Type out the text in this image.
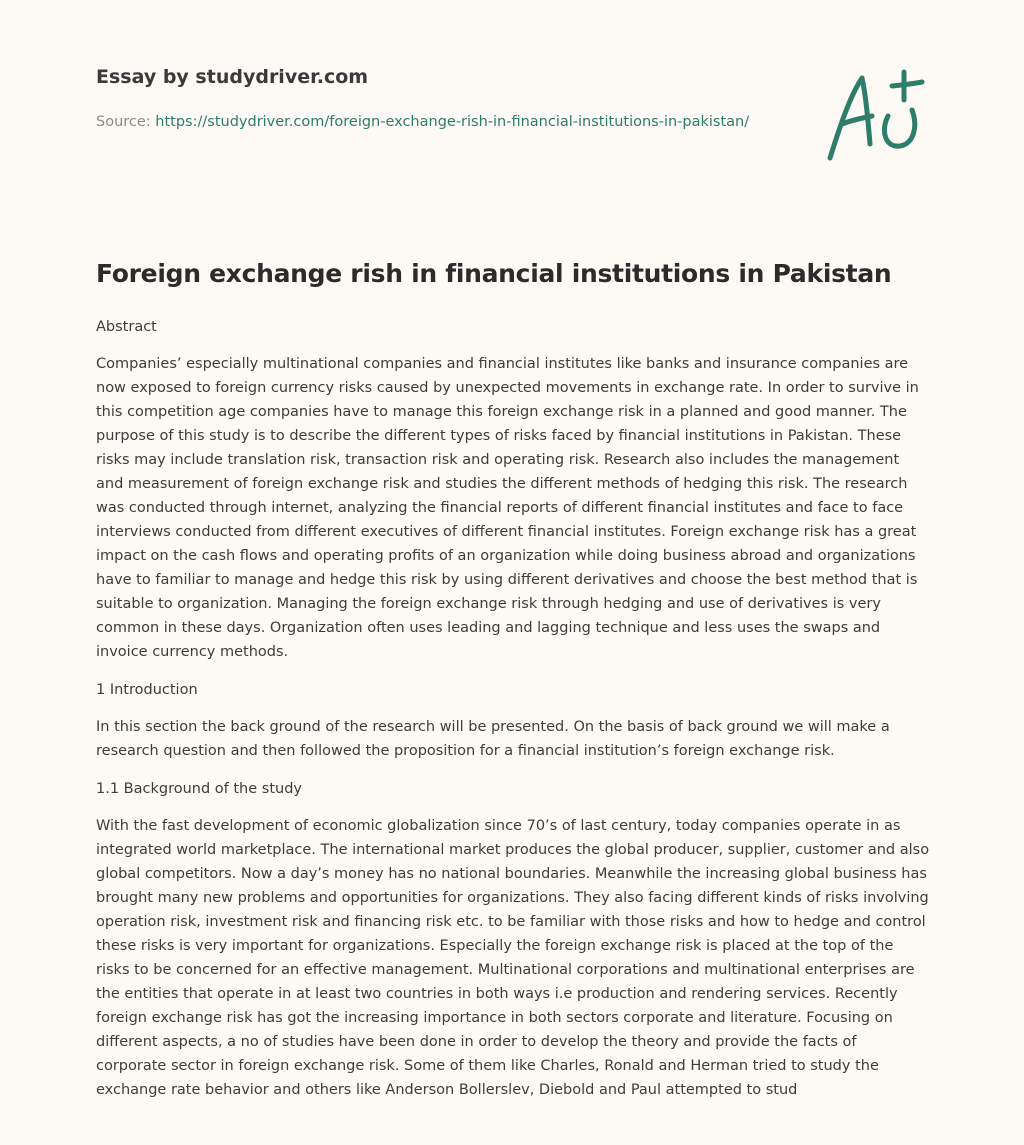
Essay by studydriver.com
Source: https://studydriver.com/foreign-exchange-rish-in-financial-institutions-in-pakistan/
Foreign exchange rish in financial institutions in Pakistan

Abstract

Companies’ especially multinational companies and financial institutes like banks and insurance companies are now exposed to foreign currency risks caused by unexpected movements in exchange rate. In order to survive in this competition age companies have to manage this foreign exchange risk in a planned and good manner. The purpose of this study is to describe the different types of risks faced by financial institutions in Pakistan. These risks may include translation risk, transaction risk and operating risk. Research also includes the management and measurement of foreign exchange risk and studies the different methods of hedging this risk. The research was conducted through internet, analyzing the financial reports of different financial institutes and face to face interviews conducted from different executives of different financial institutes. Foreign exchange risk has a great impact on the cash flows and operating profits of an organization while doing business abroad and organizations have to familiar to manage and hedge this risk by using different derivatives and choose the best method that is suitable to organization. Managing the foreign exchange risk through hedging and use of derivatives is very common in these days. Organization often uses leading and lagging technique and less uses the swaps and invoice currency methods.

1 Introduction

In this section the back ground of the research will be presented. On the basis of back ground we will make a research question and then followed the proposition for a financial institution’s foreign exchange risk.

1.1 Background of the study

With the fast development of economic globalization since 70’s of last century, today companies operate in as integrated world marketplace. The international market produces the global producer, supplier, customer and also global competitors. Now a day’s money has no national boundaries. Meanwhile the increasing global business has brought many new problems and opportunities for organizations. They also facing different kinds of risks involving operation risk, investment risk and financing risk etc. to be familiar with those risks and how to hedge and control these risks is very important for organizations. Especially the foreign exchange risk is placed at the top of the risks to be concerned for an effective management. Multinational corporations and multinational enterprises are the entities that operate in at least two countries in both ways i.e production and rendering services. Recently foreign exchange risk has got the increasing importance in both sectors corporate and literature. Focusing on different aspects, a no of studies have been done in order to develop the theory and provide the facts of corporate sector in foreign exchange risk. Some of them like Charles, Ronald and Herman tried to study the exchange rate behavior and others like Anderson Bollerslev, Diebold and Paul attempted to stud
